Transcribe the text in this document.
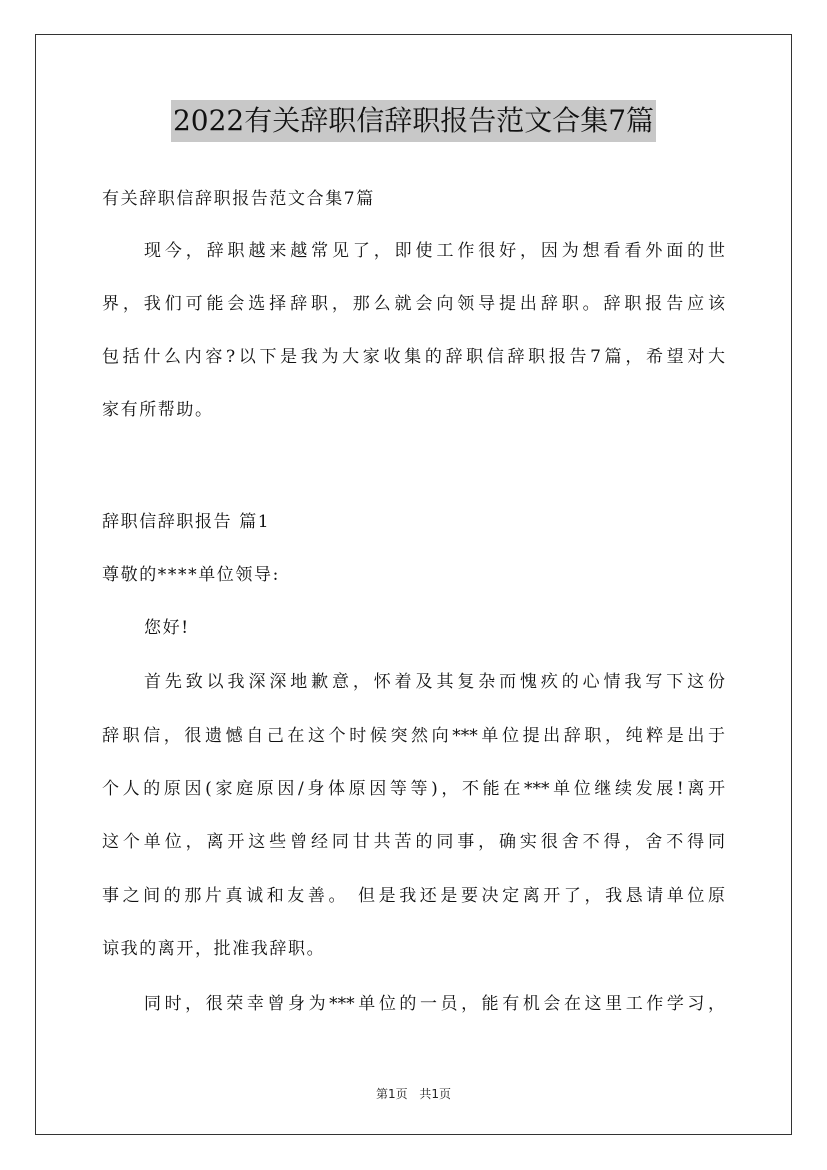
2022有关辞职信辞职报告范文合集7篇
有关辞职信辞职报告范文合集7篇
现今，辞职越来越常见了，即使工作很好，因为想看看外面的世
界，我们可能会选择辞职，那么就会向领导提出辞职。辞职报告应该
包括什么内容?以下是我为大家收集的辞职信辞职报告7篇，希望对大
家有所帮助。
辞职信辞职报告 篇1
尊敬的****单位领导:
您好!
首先致以我深深地歉意，怀着及其复杂而愧疚的心情我写下这份
辞职信，很遗憾自己在这个时候突然向***单位提出辞职，纯粹是出于
个人的原因(家庭原因/身体原因等等)，不能在***单位继续发展!离开
这个单位，离开这些曾经同甘共苦的同事，确实很舍不得，舍不得同
事之间的那片真诚和友善。 但是我还是要决定离开了，我恳请单位原
谅我的离开，批准我辞职。
同时，很荣幸曾身为***单位的一员，能有机会在这里工作学习，
第1页 共1页
